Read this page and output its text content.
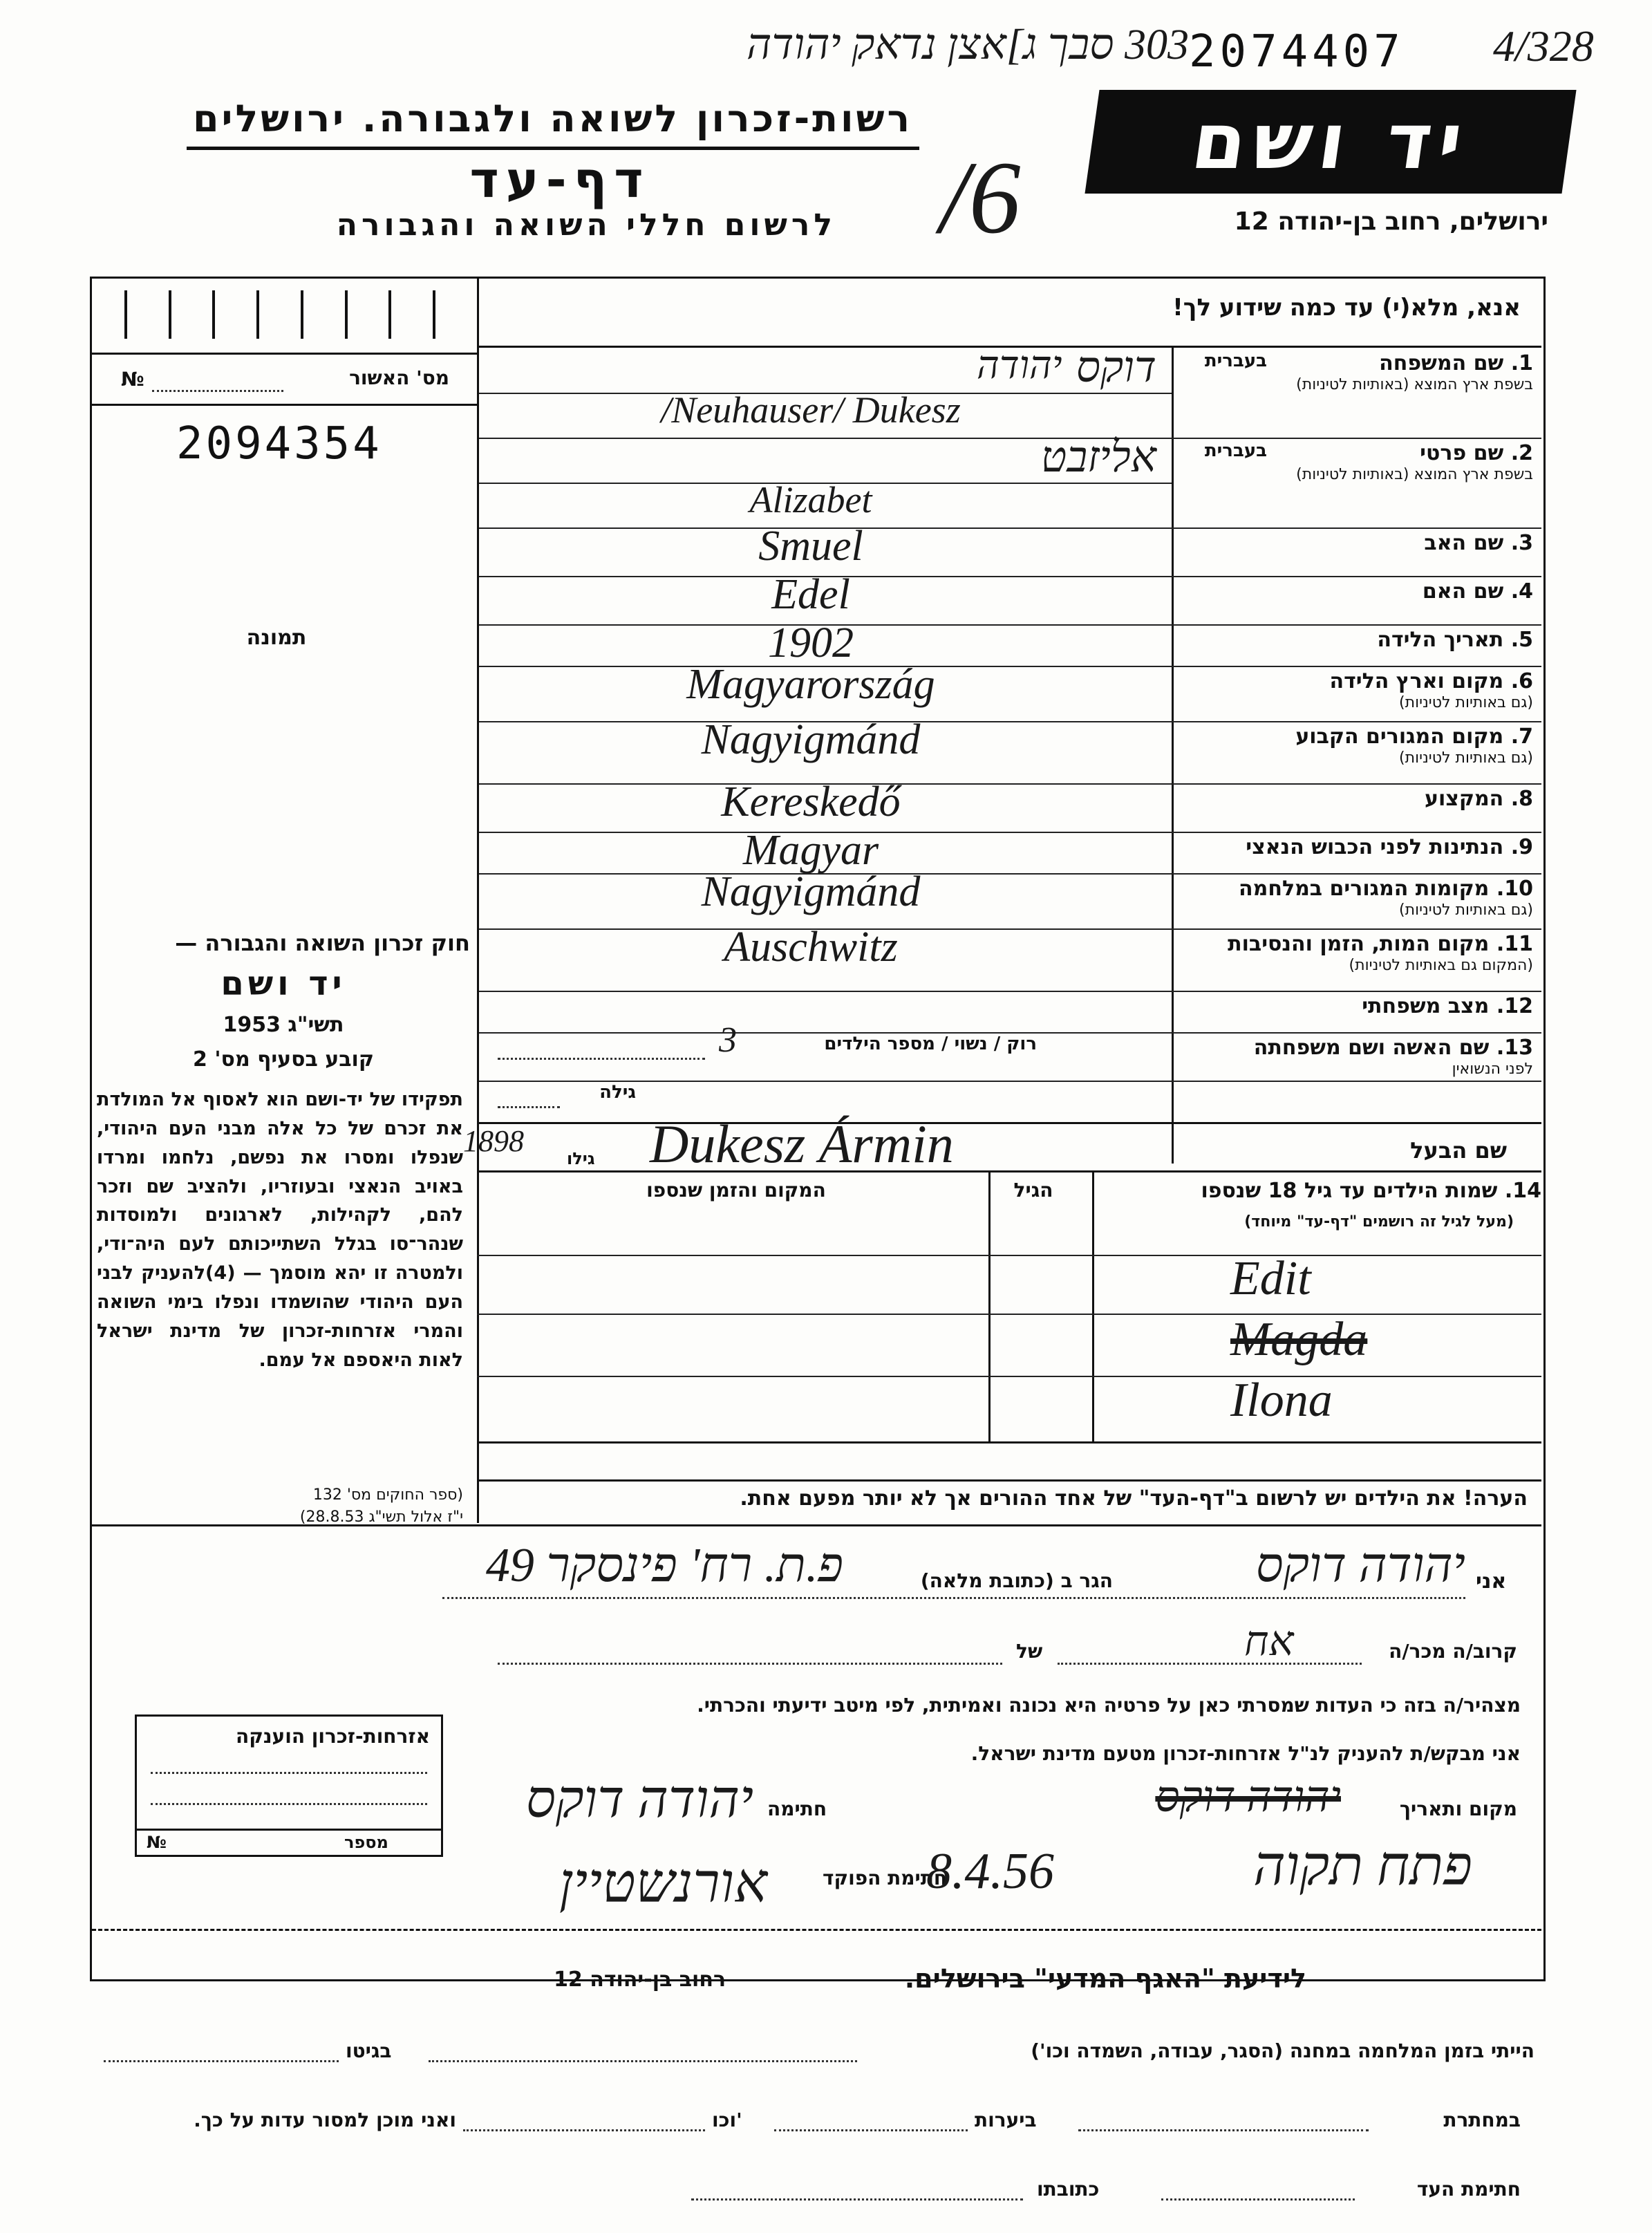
303 סבך ג]אצן נדאק יהודה 2074407 4/328
רשות-זכרון לשואה ולגבורה. ירושלים
דף-עד
לרשום חללי השואה והגבורה /6 יד ושם
ירושלים, רחוב בן-יהודה 12
מס' האשור
№
2094354
תמונה
חוק זכרון השואה והגבורה —
יד ושם
תשי"ג 1953
קובע בסעיף מס' 2
תפקידו של יד-ושם הוא לאסוף אל המולדת את זכרם של כל אלה מבני העם היהודי, שנפלו ומסרו את נפשם, נלחמו ומרדו באויב הנאצי ובעוזריו, ולהציב שם וזכר להם, לקהילות, לארגונים ולמוסדות שנהר־סו בגלל השתייכותם לעם היה־ודי, ולמטרה זו יהא מוסמך — (4)להעניק לבני העם היהודי שהושמדו ונפלו בימי השואה והמרי אזרחות-זכרון של מדינת ישראל לאות היאספם אל עמם.
(ספר החוקים מס' 132
י"ז אלול תשי"ג 28.8.53)
אנא, מלא(י) עד כמה שידוע לך!
1. שם המשפחה
בשפת ארץ המוצא (באותיות לטיניות)
בעברית
דוקס
יהודה
/Neuhauser/ Dukesz
2. שם פרטי
בשפת ארץ המוצא (באותיות לטיניות)
בעברית
אליזבט
Alizabet
3. שם האב
Smuel
4. שם האם
Edel
5. תאריך הלידה
1902
6. מקום וארץ הלידה
(גם באותיות לטיניות)
Magyarország
7. מקום המגורים הקבוע
(גם באותיות לטיניות)
Nagyigmánd
8. המקצוע
Kereskedő
9. הנתינות לפני הכבוש הנאצי
Magyar
10. מקומות המגורים במלחמה
(גם באותיות לטיניות)
Nagyigmánd
11. מקום המות, הזמן והנסיבות
(המקום גם באותיות לטיניות)
Auschwitz
12. מצב משפחתי
13. שם האשה ושם משפחתה
לפני הנשואין
רוק / נשוי / מספר הילדים
3
גילה
שם הבעל
גילו
1898 Dukesz Ármin
14. שמות הילדים עד גיל 18 שנספו
(מעל לגיל זה רושמים "דף-עד" מיוחד)
הגיל
המקום והזמן שנספו
Edit
Magda
Ilona
הערה! את הילדים יש לרשום ב"דף-העד" של אחד ההורים אך לא יותר מפעם אחת.
אני
יהודה דוקס
הגר ב (כתובת מלאה)
פ.ת. רח' פינסקר 49
קרוב/ה מכר/ה
אח
של
מצהיר/ה בזה כי העדות שמסרתי כאן על פרטיה היא נכונה ואמיתית, לפי מיטב ידיעתי והכרתי.
אני מבקש/ת להעניק לנ"ל אזרחות-זכרון מטעם מדינת ישראל.
מקום ותאריך
יהודה דוקס
חתימה
יהודה דוקס
חתימת הפוקד
8.4.56	פתח תקוה
אורנשטיין
אזרחות-זכרון הוענקה
№	מספר
לידיעת "האגף המדעי" בירושלים.
רחוב בן-יהודה 12
הייתי בזמן המלחמה במחנה (הסגר, עבודה, השמדה וכו')
בגיטו
במחתרת
ביערות
וכו'
ואני מוכן למסור עדות על כך.
חתימת העד
כתובתו
